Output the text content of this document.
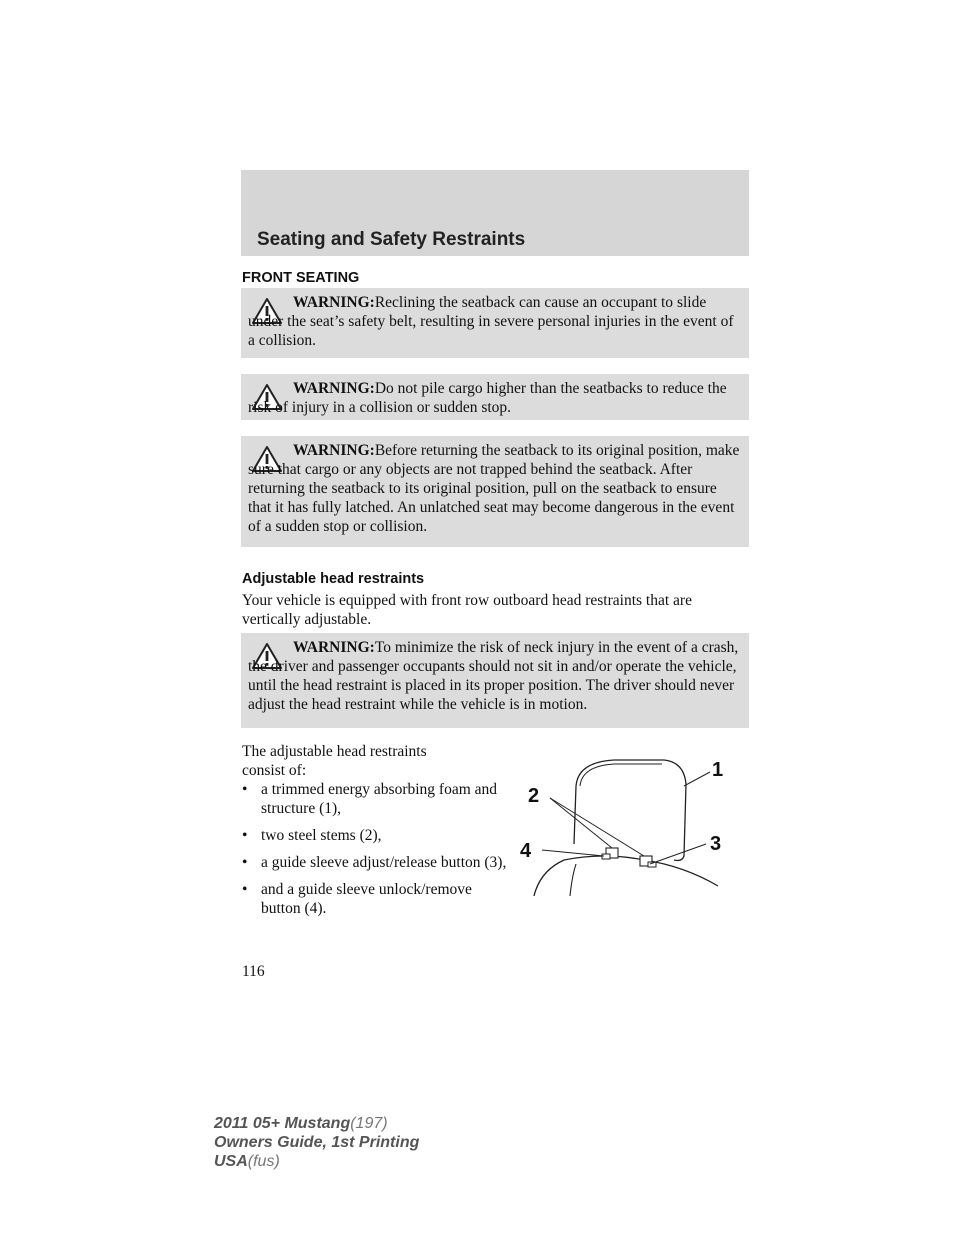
Seating and Safety Restraints
FRONT SEATING
WARNING:Reclining the seatback can cause an occupant to slide under the seat’s safety belt, resulting in severe personal injuries in the event of a collision.
WARNING:Do not pile cargo higher than the seatbacks to reduce the risk of injury in a collision or sudden stop.
WARNING:Before returning the seatback to its original position, make sure that cargo or any objects are not trapped behind the seatback. After returning the seatback to its original position, pull on the seatback to ensure that it has fully latched. An unlatched seat may become dangerous in the event of a sudden stop or collision.
Adjustable head restraints
Your vehicle is equipped with front row outboard head restraints that are vertically adjustable.
WARNING:To minimize the risk of neck injury in the event of a crash, the driver and passenger occupants should not sit in and/or operate the vehicle, until the head restraint is placed in its proper position. The driver should never adjust the head restraint while the vehicle is in motion.
The adjustable head restraints
consist of:
• a trimmed energy absorbing foam and structure (1),
• two steel stems (2),
• a guide sleeve adjust/release button (3),
• and a guide sleeve unlock/remove button (4).
1
2
3
4
116
2011 05+ Mustang(197)
Owners Guide, 1st Printing
USA(fus)
